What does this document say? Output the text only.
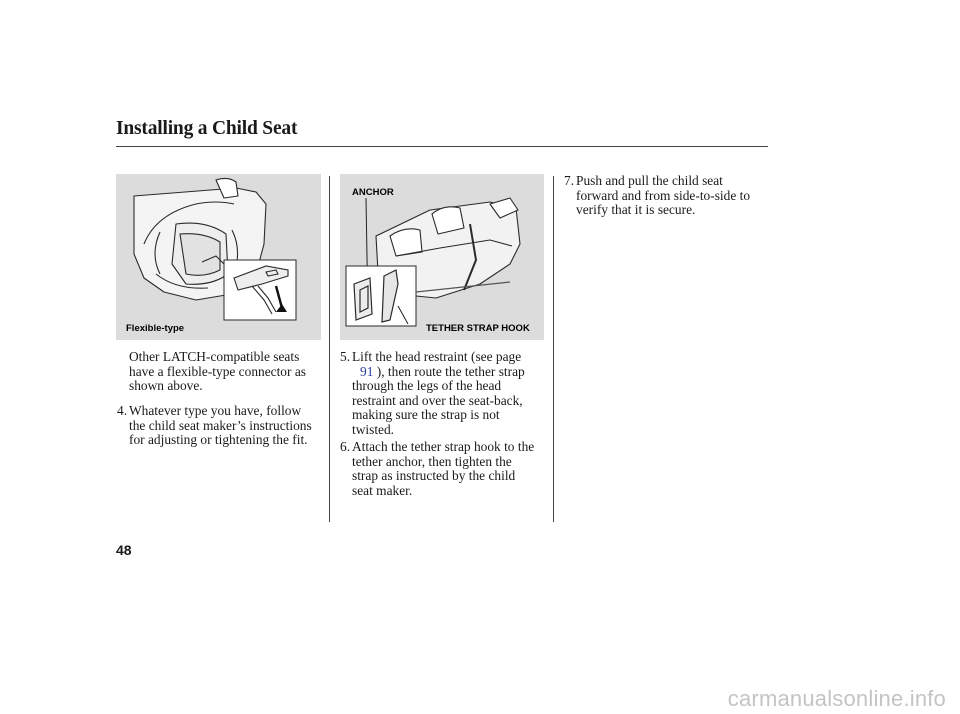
Installing a Child Seat
Flexible-type
ANCHOR
TETHER STRAP HOOK
Other LATCH-compatible seats
have a flexible-type connector as
shown above.
4. Whatever type you have, follow
the child seat maker’s instructions
for adjusting or tightening the fit.
5. Lift the head restraint (see page
91 ), then route the tether strap
through the legs of the head
restraint and over the seat-back,
making sure the strap is not
twisted.
6. Attach the tether strap hook to the
tether anchor, then tighten the
strap as instructed by the child
seat maker.
7. Push and pull the child seat
forward and from side-to-side to
verify that it is secure.
48
carmanualsonline.info
